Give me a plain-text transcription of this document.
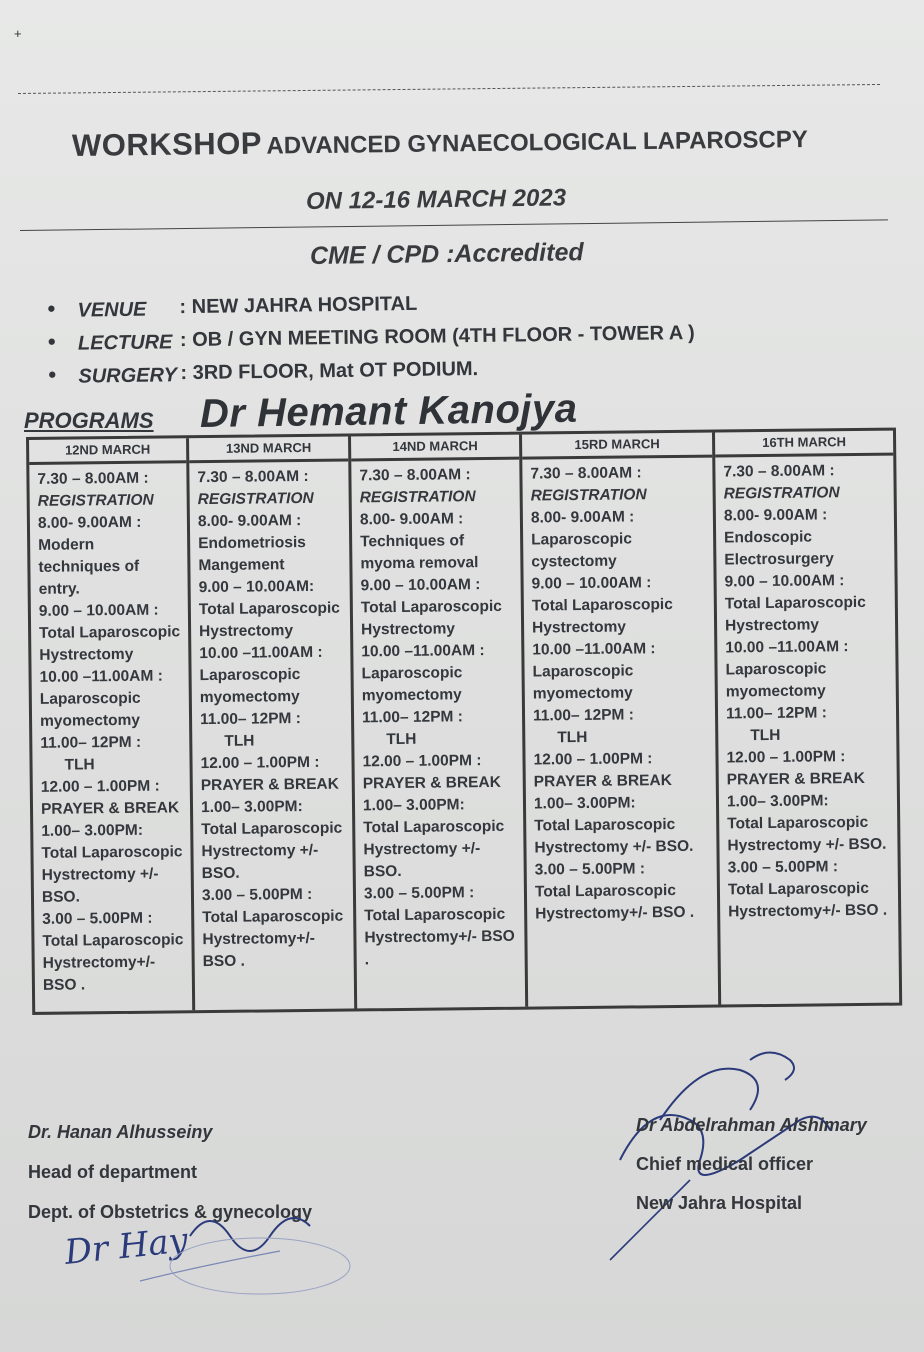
+
WORKSHOP ADVANCED GYNAECOLOGICAL LAPAROSCPY
ON 12-16 MARCH 2023
CME / CPD :Accredited
• VENUE : NEW JAHRA HOSPITAL
• LECTURE : OB / GYN MEETING ROOM (4TH FLOOR - TOWER A )
• SURGERY : 3RD FLOOR, Mat OT PODIUM.
PROGRAMS Dr Hemant Kanojya
12ND MARCH
7.30 – 8.00AM :
REGISTRATION
8.00- 9.00AM :
Modern
techniques of
entry.
9.00 – 10.00AM :
Total Laparoscopic
Hystrectomy
10.00 –11.00AM :
Laparoscopic
myomectomy
11.00– 12PM :
TLH
12.00 – 1.00PM :
PRAYER & BREAK
1.00– 3.00PM:
Total Laparoscopic
Hystrectomy +/-
BSO.
3.00 – 5.00PM :
Total Laparoscopic
Hystrectomy+/-
BSO .
13ND MARCH
7.30 – 8.00AM :
REGISTRATION
8.00- 9.00AM :
Endometriosis
Mangement
9.00 – 10.00AM:
Total Laparoscopic
Hystrectomy
10.00 –11.00AM :
Laparoscopic
myomectomy
11.00– 12PM :
TLH
12.00 – 1.00PM :
PRAYER & BREAK
1.00– 3.00PM:
Total Laparoscopic
Hystrectomy +/-
BSO.
3.00 – 5.00PM :
Total Laparoscopic
Hystrectomy+/-
BSO .
14ND MARCH
7.30 – 8.00AM :
REGISTRATION
8.00- 9.00AM :
Techniques of
myoma removal
9.00 – 10.00AM :
Total Laparoscopic
Hystrectomy
10.00 –11.00AM :
Laparoscopic
myomectomy
11.00– 12PM :
TLH
12.00 – 1.00PM :
PRAYER & BREAK
1.00– 3.00PM:
Total Laparoscopic
Hystrectomy +/-
BSO.
3.00 – 5.00PM :
Total Laparoscopic
Hystrectomy+/- BSO
.
15RD MARCH
7.30 – 8.00AM :
REGISTRATION
8.00- 9.00AM :
Laparoscopic
cystectomy
9.00 – 10.00AM :
Total Laparoscopic
Hystrectomy
10.00 –11.00AM :
Laparoscopic
myomectomy
11.00– 12PM :
TLH
12.00 – 1.00PM :
PRAYER & BREAK
1.00– 3.00PM:
Total Laparoscopic
Hystrectomy +/- BSO.
3.00 – 5.00PM :
Total Laparoscopic
Hystrectomy+/- BSO .
16TH MARCH
7.30 – 8.00AM :
REGISTRATION
8.00- 9.00AM :
Endoscopic
Electrosurgery
9.00 – 10.00AM :
Total Laparoscopic
Hystrectomy
10.00 –11.00AM :
Laparoscopic
myomectomy
11.00– 12PM :
TLH
12.00 – 1.00PM :
PRAYER & BREAK
1.00– 3.00PM:
Total Laparoscopic
Hystrectomy +/- BSO.
3.00 – 5.00PM :
Total Laparoscopic
Hystrectomy+/- BSO .
Dr. Hanan Alhusseiny
Head of department
Dept. of Obstetrics & gynecology
Dr Hay
Dr Abdelrahman Alshimary
Chief medical officer
New Jahra Hospital
